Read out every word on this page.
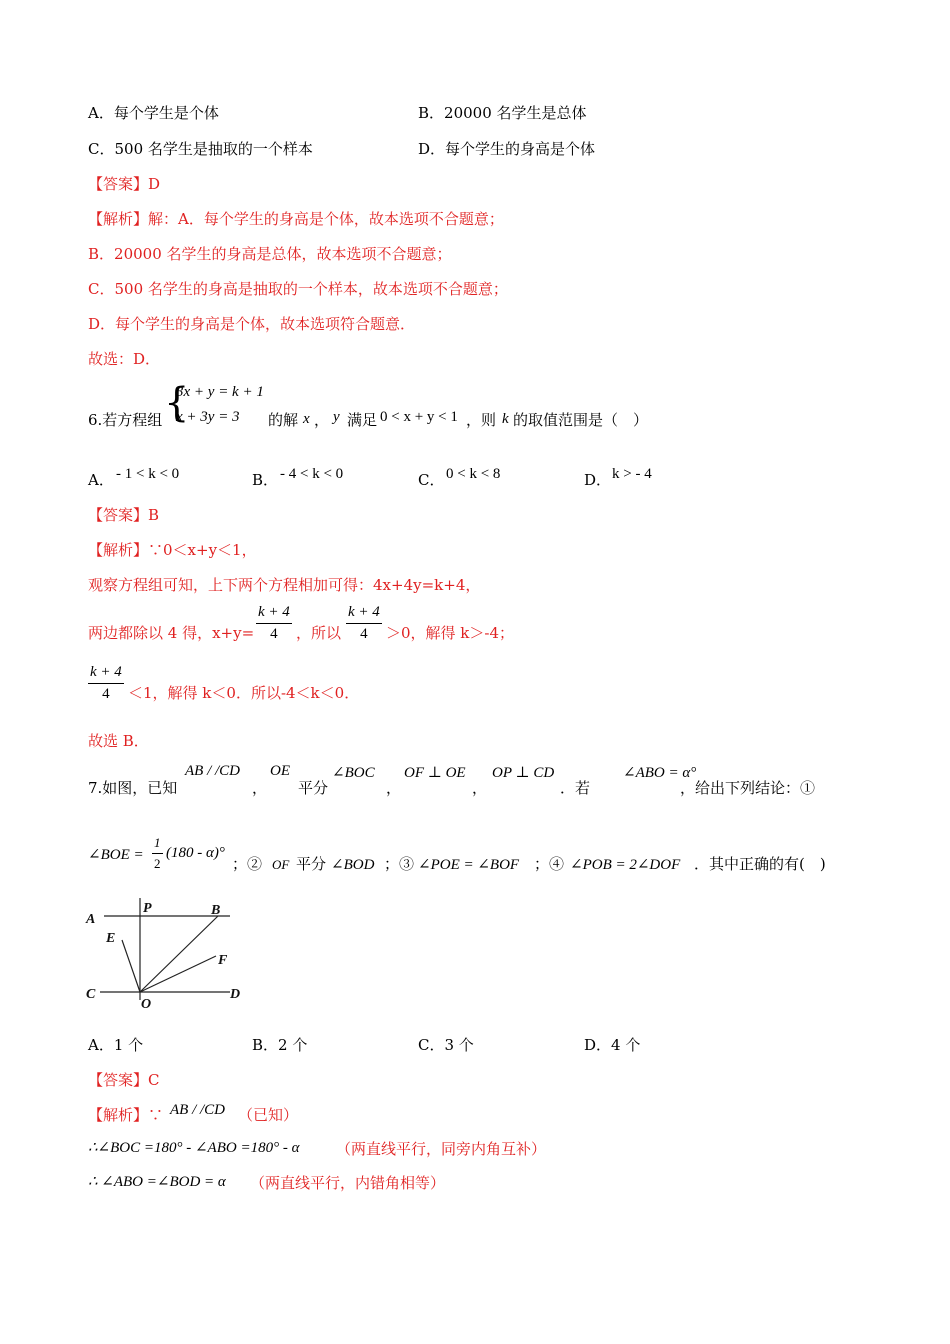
A．每个学生是个体	B．20000 名学生是总体
C．500 名学生是抽取的一个样本	D．每个学生的身高是个体
【答案】D
【解析】解：A．每个学生的身高是个体，故本选项不合题意；
B．20000 名学生的身高是总体，故本选项不合题意；
C．500 名学生的身高是抽取的一个样本，故本选项不合题意；
D．每个学生的身高是个体，故本选项符合题意．
故选：D．
6.若方程组 {
3x + y = k + 1
x + 3y = 3 的解 x ， y 满足 0 < x + y < 1 ，则 k 的取值范围是（　）
A． - 1 < k < 0	B． - 4 < k < 0	C． 0 < k < 8	D． k > - 4
【答案】B
【解析】∵0＜x+y＜1，
观察方程组可知，上下两个方程相加可得：4x+4y=k+4，
两边都除以 4 得，$x+y= \frac{k + 4}{4}$ ，所以 $\frac{k + 4}{4} >0$，解得 k＞-4；
$\frac{k + 4}{4} <1$，解得 k＜0．所以-4＜k＜0．
故选 B．
7.如图，已知
AB / /CD
，
OE
平分
∠BOC
，
OF ⊥ OE
，
OP ⊥ CD
．若
∠ABO = α°
，给出下列结论：①
∠BOE = $\frac{1}{2} (180 - \alpha)^\circ$
；② OF 平分 ∠BOD ；③ ∠POE = ∠BOF ；④ ∠POB = 2∠DOF ．其中正确的有(　)
A
P	B
E
F
C
O
D
A．1 个	B．2 个	C．3 个	D．4 个
【答案】C
【解析】∵ AB / /CD （已知）
∴∠BOC =180° - ∠ABO =180° - α （两直线平行，同旁内角互补）
∴ ∠ABO =∠BOD = α （两直线平行，内错角相等）
